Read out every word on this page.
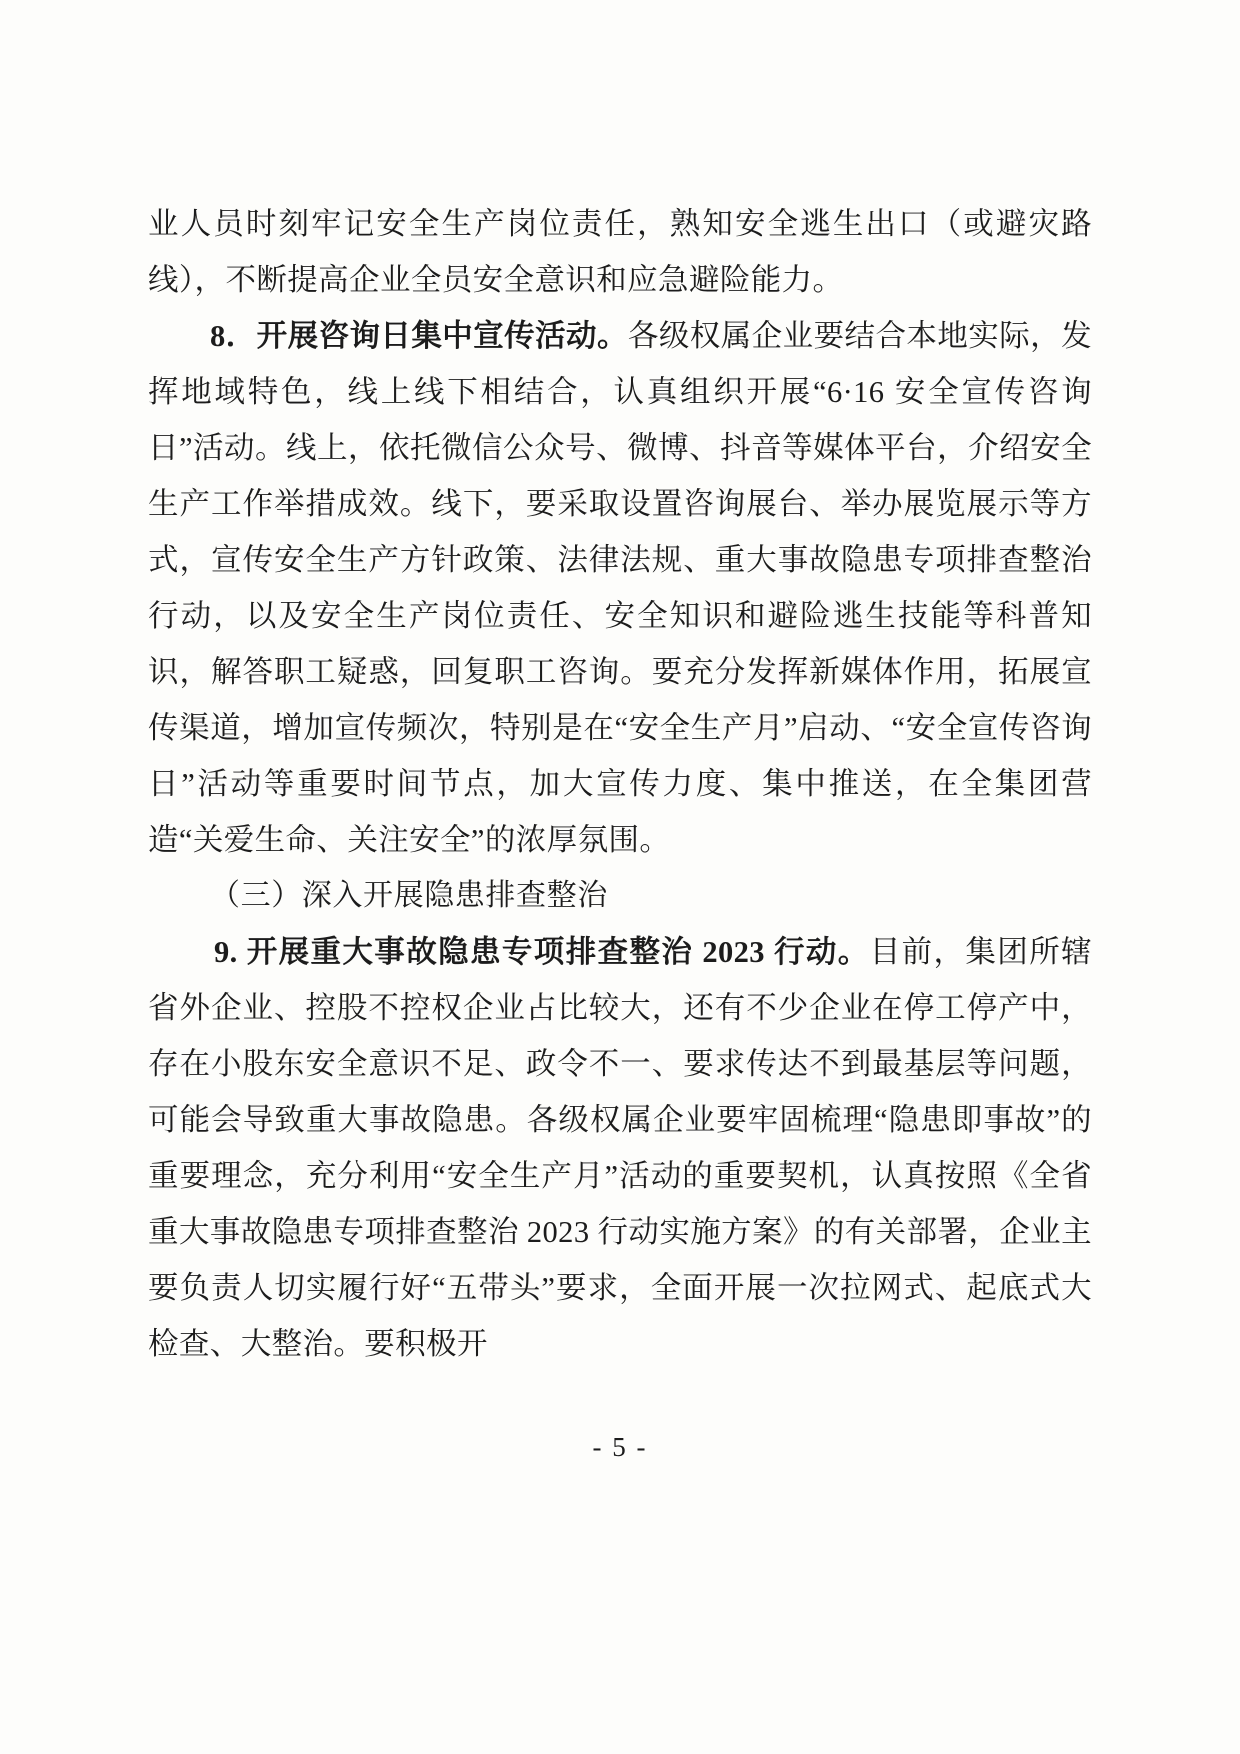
业人员时刻牢记安全生产岗位责任，熟知安全逃生出口（或避灾路线），不断提高企业全员安全意识和应急避险能力。

8．开展咨询日集中宣传活动。各级权属企业要结合本地实际，发挥地域特色，线上线下相结合，认真组织开展“6·16 安全宣传咨询日”活动。线上，依托微信公众号、微博、抖音等媒体平台，介绍安全生产工作举措成效。线下，要采取设置咨询展台、举办展览展示等方式，宣传安全生产方针政策、法律法规、重大事故隐患专项排查整治行动，以及安全生产岗位责任、安全知识和避险逃生技能等科普知识，解答职工疑惑，回复职工咨询。要充分发挥新媒体作用，拓展宣传渠道，增加宣传频次，特别是在“安全生产月”启动、“安全宣传咨询日”活动等重要时间节点，加大宣传力度、集中推送，在全集团营造“关爱生命、关注安全”的浓厚氛围。

（三）深入开展隐患排查整治

9. 开展重大事故隐患专项排查整治 2023 行动。目前，集团所辖省外企业、控股不控权企业占比较大，还有不少企业在停工停产中，存在小股东安全意识不足、政令不一、要求传达不到最基层等问题，可能会导致重大事故隐患。各级权属企业要牢固梳理“隐患即事故”的重要理念，充分利用“安全生产月”活动的重要契机，认真按照《全省重大事故隐患专项排查整治 2023 行动实施方案》的有关部署，企业主要负责人切实履行好“五带头”要求，全面开展一次拉网式、起底式大检查、大整治。要积极开

- 5 -
